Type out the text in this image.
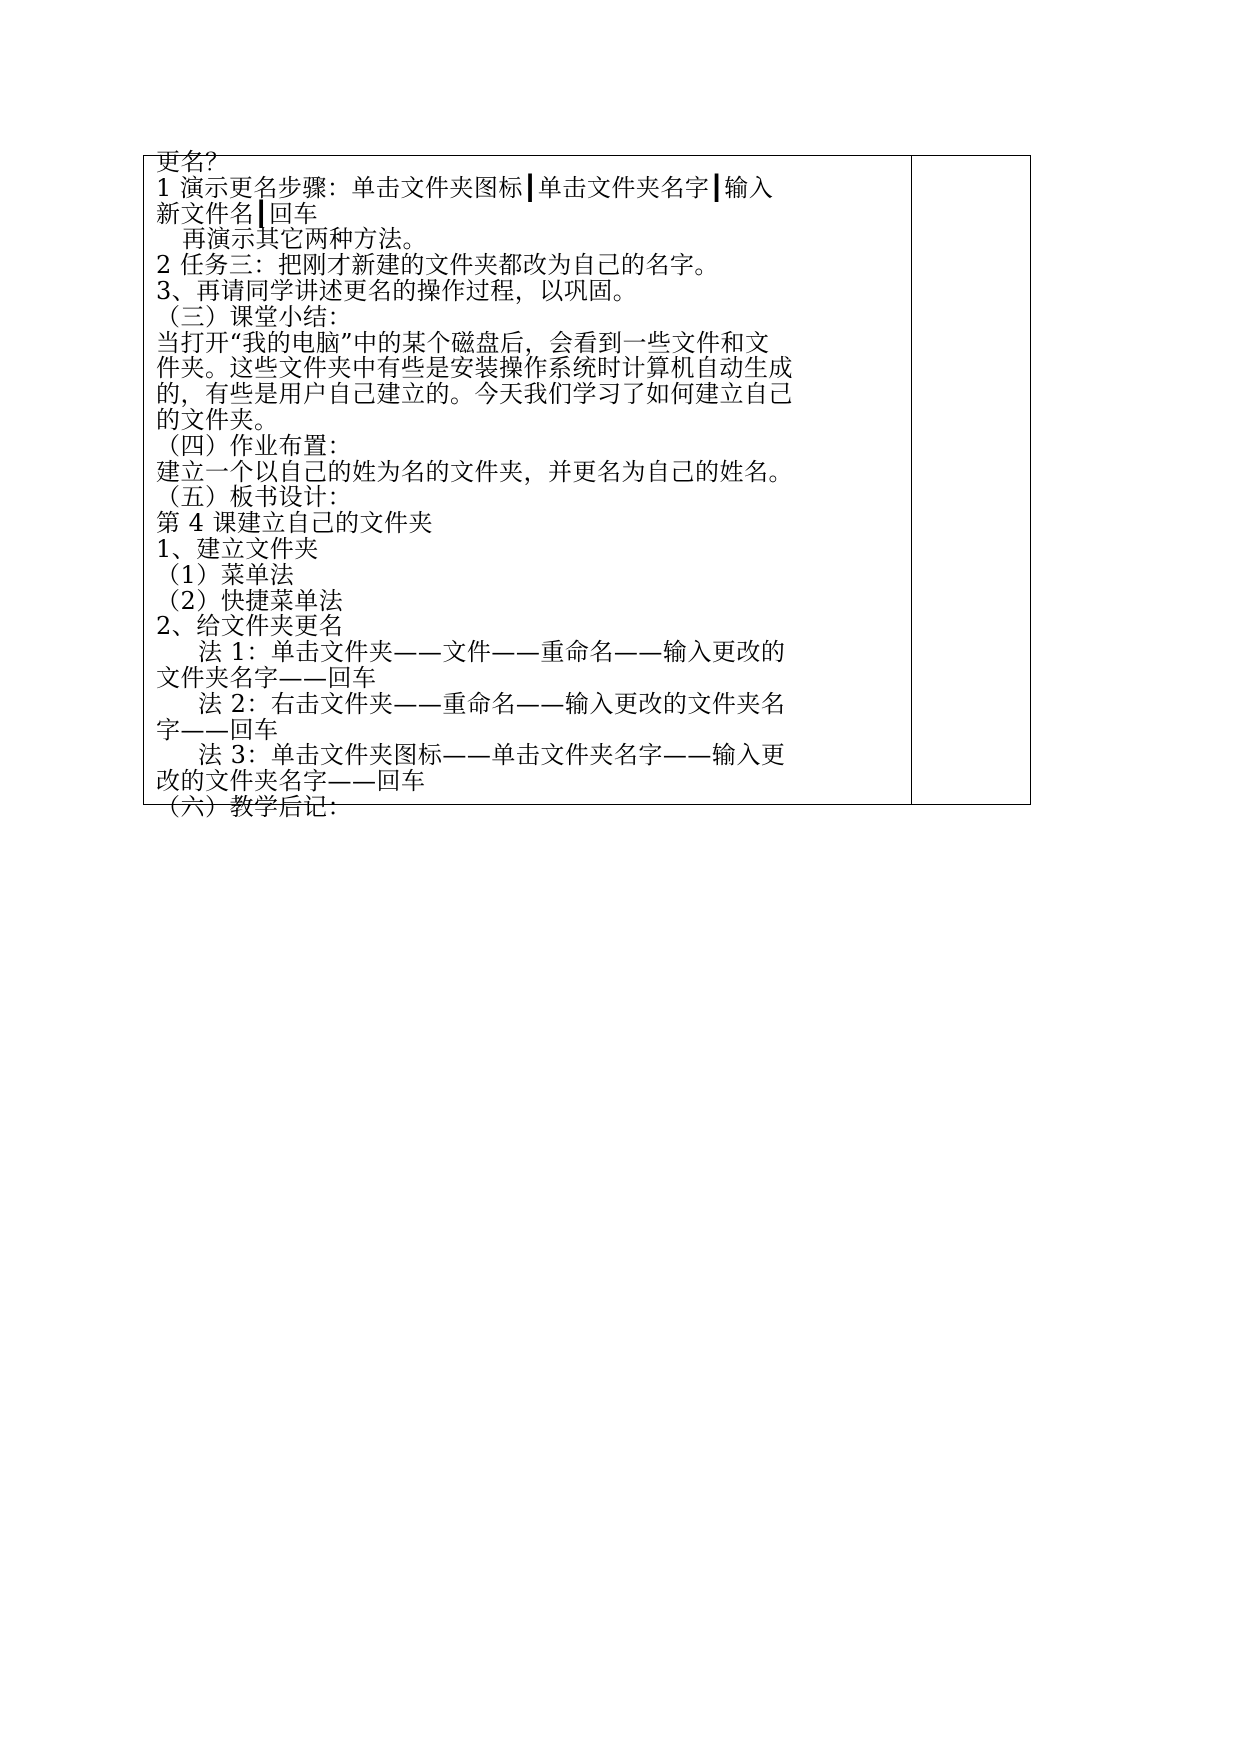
更名？
1 演示更名步骤：单击文件夹图标┃单击文件夹名字┃输入
新文件名┃回车
再演示其它两种方法。
2 任务三：把刚才新建的文件夹都改为自己的名字。
3、再请同学讲述更名的操作过程，以巩固。
（三）课堂小结：
当打开“我的电脑”中的某个磁盘后，会看到一些文件和文
件夹。这些文件夹中有些是安装操作系统时计算机自动生成
的，有些是用户自己建立的。今天我们学习了如何建立自己
的文件夹。
（四）作业布置：
建立一个以自己的姓为名的文件夹，并更名为自己的姓名。
（五）板书设计：
第 4 课建立自己的文件夹
1、建立文件夹
（1）菜单法
（2）快捷菜单法
2、给文件夹更名
法 1：单击文件夹——文件——重命名——输入更改的
文件夹名字——回车
法 2：右击文件夹——重命名——输入更改的文件夹名
字——回车
法 3：单击文件夹图标——单击文件夹名字——输入更
改的文件夹名字——回车
（六）教学后记：
